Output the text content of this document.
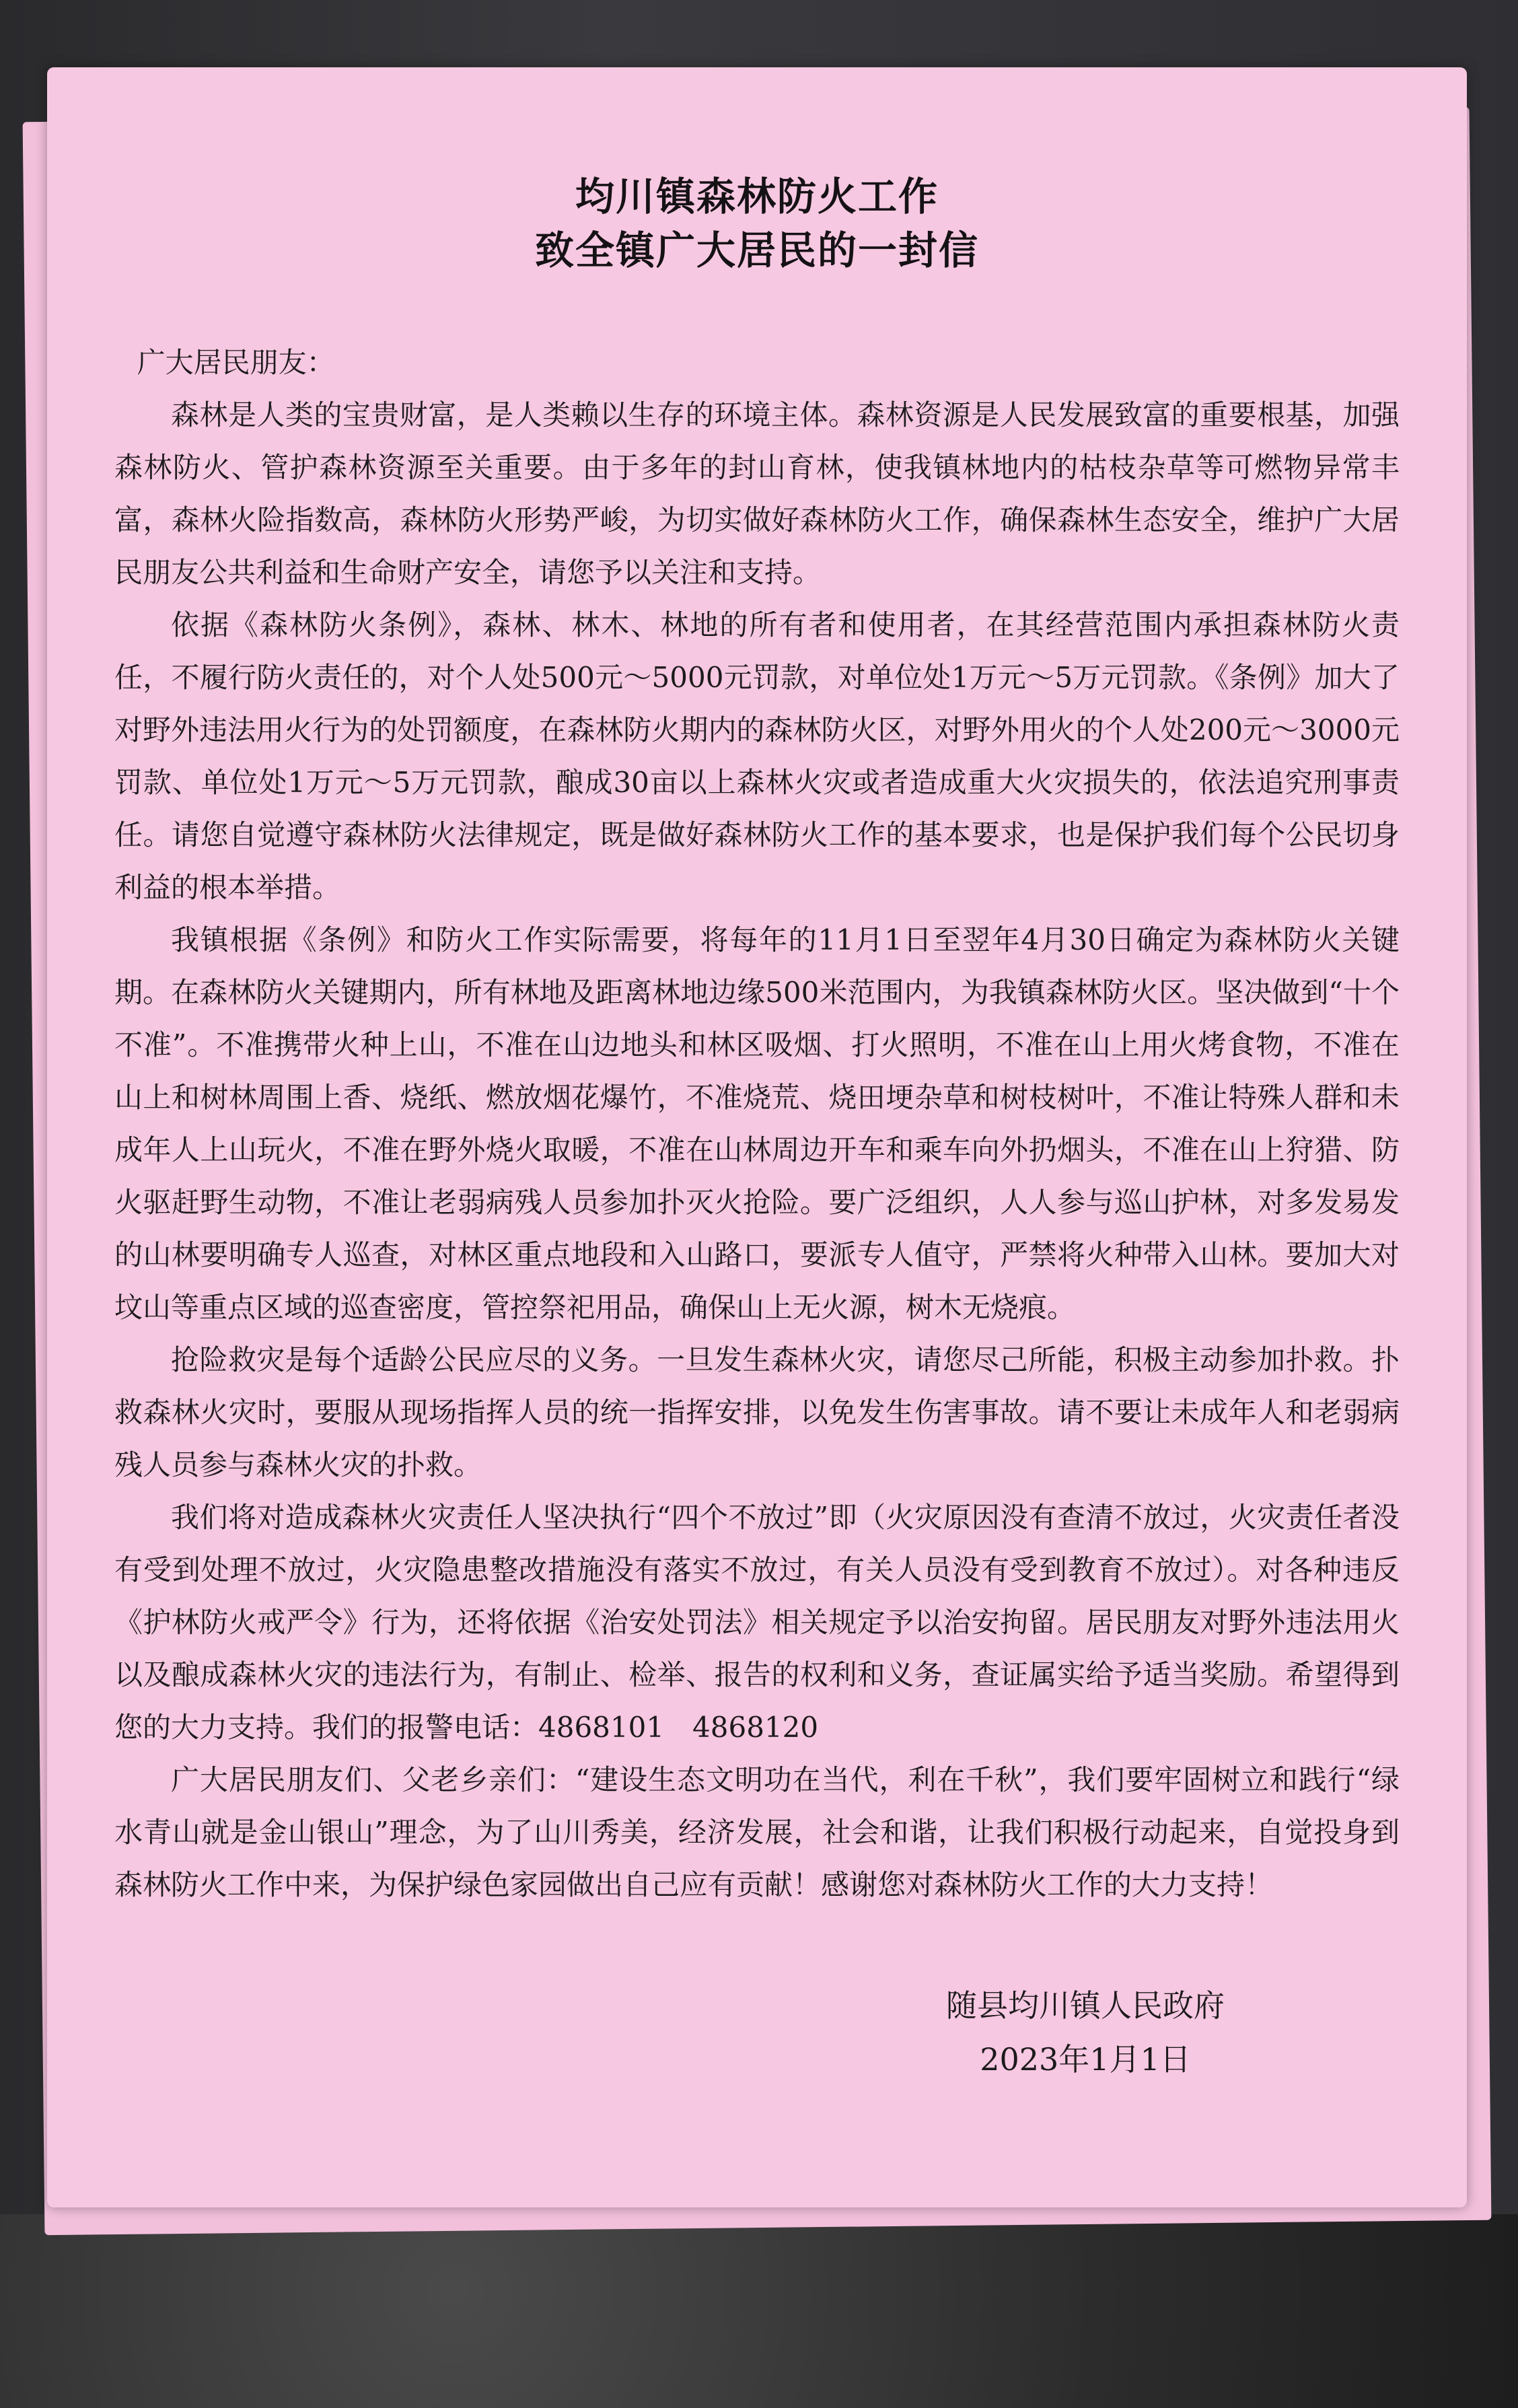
均川镇森林防火工作
致全镇广大居民的一封信

广大居民朋友：

森林是人类的宝贵财富，是人类赖以生存的环境主体。森林资源是人民发展致富的重要根基，加强森林防火、管护森林资源至关重要。由于多年的封山育林，使我镇林地内的枯枝杂草等可燃物异常丰富，森林火险指数高，森林防火形势严峻，为切实做好森林防火工作，确保森林生态安全，维护广大居民朋友公共利益和生命财产安全，请您予以关注和支持。

依据《森林防火条例》，森林、林木、林地的所有者和使用者，在其经营范围内承担森林防火责任，不履行防火责任的，对个人处500元～5000元罚款，对单位处1万元～5万元罚款。《条例》加大了对野外违法用火行为的处罚额度，在森林防火期内的森林防火区，对野外用火的个人处200元～3000元罚款、单位处1万元～5万元罚款，酿成30亩以上森林火灾或者造成重大火灾损失的，依法追究刑事责任。请您自觉遵守森林防火法律规定，既是做好森林防火工作的基本要求，也是保护我们每个公民切身利益的根本举措。

我镇根据《条例》和防火工作实际需要，将每年的11月1日至翌年4月30日确定为森林防火关键期。在森林防火关键期内，所有林地及距离林地边缘500米范围内，为我镇森林防火区。坚决做到“十个不准”。不准携带火种上山，不准在山边地头和林区吸烟、打火照明，不准在山上用火烤食物，不准在山上和树林周围上香、烧纸、燃放烟花爆竹，不准烧荒、烧田埂杂草和树枝树叶，不准让特殊人群和未成年人上山玩火，不准在野外烧火取暖，不准在山林周边开车和乘车向外扔烟头，不准在山上狩猎、防火驱赶野生动物，不准让老弱病残人员参加扑灭火抢险。要广泛组织，人人参与巡山护林，对多发易发的山林要明确专人巡查，对林区重点地段和入山路口，要派专人值守，严禁将火种带入山林。要加大对坟山等重点区域的巡查密度，管控祭祀用品，确保山上无火源，树木无烧痕。

抢险救灾是每个适龄公民应尽的义务。一旦发生森林火灾，请您尽己所能，积极主动参加扑救。扑救森林火灾时，要服从现场指挥人员的统一指挥安排，以免发生伤害事故。请不要让未成年人和老弱病残人员参与森林火灾的扑救。

我们将对造成森林火灾责任人坚决执行“四个不放过”即（火灾原因没有查清不放过，火灾责任者没有受到处理不放过，火灾隐患整改措施没有落实不放过，有关人员没有受到教育不放过）。对各种违反《护林防火戒严令》行为，还将依据《治安处罚法》相关规定予以治安拘留。居民朋友对野外违法用火以及酿成森林火灾的违法行为，有制止、检举、报告的权利和义务，查证属实给予适当奖励。希望得到您的大力支持。我们的报警电话：4868101　4868120

广大居民朋友们、父老乡亲们：“建设生态文明功在当代，利在千秋”，我们要牢固树立和践行“绿水青山就是金山银山”理念，为了山川秀美，经济发展，社会和谐，让我们积极行动起来，自觉投身到森林防火工作中来，为保护绿色家园做出自己应有贡献！感谢您对森林防火工作的大力支持！

随县均川镇人民政府
2023年1月1日
